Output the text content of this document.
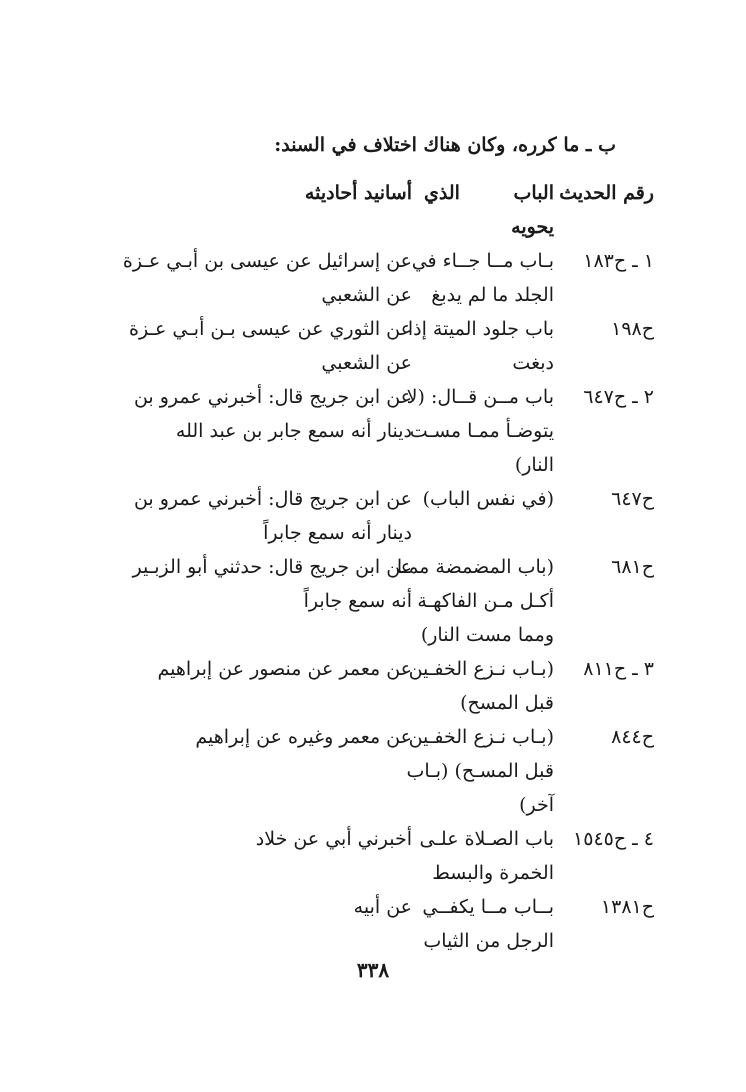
ب ـ ما كرره، وكان هناك اختلاف في السند:
رقم الحديث
الباب الذي يحويه
أسانيد أحاديثه
١ ـ ح١٨٣
بـاب مــا جــاء في
الجلد ما لم يدبغ
عن إسرائيل عن عيسى بن أبـي عـزة
عن الشعبي
ح١٩٨
باب جلود الميتة إذا
دبغت
عن الثوري عن عيسى بـن أبـي عـزة
عن الشعبي
٢ ـ ح٦٤٧
باب مــن قــال: (لا
يتوضـأ ممـا مسـت
النار)
عن ابن جريج قال: أخبرني عمرو بن
دينار أنه سمع جابر بن عبد الله
ح٦٤٧
(في نفس الباب)
عن ابن جريج قال: أخبرني عمرو بن
دينار أنه سمع جابراً
ح٦٨١
(باب المضمضة ممـا
أكـل مـن الفاكهـة
ومما مست النار)
عن ابن جريج قال: حدثني أبو الزبـير
أنه سمع جابراً
٣ ـ ح٨١١
(بـاب نـزع الخفـين
قبل المسح)
عن معمر عن منصور عن إبراهيم
ح٨٤٤
(بـاب نـزع الخفـين
قبل المسـح) (بـاب
آخر)
عن معمر وغيره عن إبراهيم
٤ ـ ح١٥٤٥
باب الصـلاة علـى
الخمرة والبسط
أخبرني أبي عن خلاد
ح١٣٨١
بــاب مــا يكفــي
الرجل من الثياب
عن أبيه
٣٣٨
